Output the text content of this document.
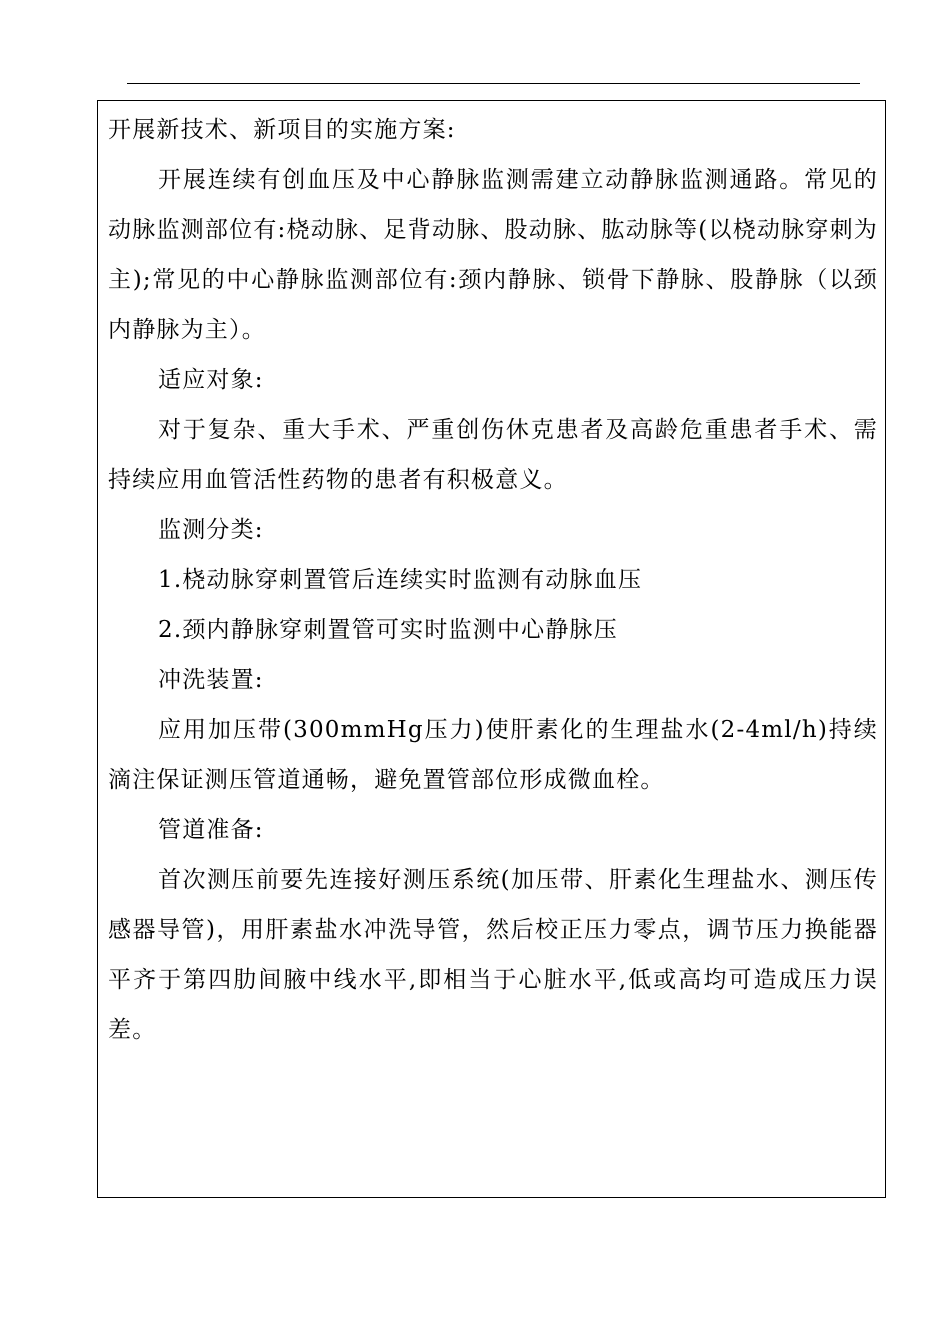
开展新技术、新项目的实施方案:

开展连续有创血压及中心静脉监测需建立动静脉监测通路。常见的动脉监测部位有:桡动脉、足背动脉、股动脉、肱动脉等(以桡动脉穿刺为主);常见的中心静脉监测部位有:颈内静脉、锁骨下静脉、股静脉（以颈内静脉为主）。

适应对象:

对于复杂、重大手术、严重创伤休克患者及高龄危重患者手术、需持续应用血管活性药物的患者有积极意义。

监测分类:

1.桡动脉穿刺置管后连续实时监测有动脉血压

2.颈内静脉穿刺置管可实时监测中心静脉压

冲洗装置:

应用加压带(300mmHg压力)使肝素化的生理盐水(2-4ml/h)持续滴注保证测压管道通畅，避免置管部位形成微血栓。

管道准备:

首次测压前要先连接好测压系统(加压带、肝素化生理盐水、测压传感器导管)，用肝素盐水冲洗导管，然后校正压力零点，调节压力换能器平齐于第四肋间腋中线水平,即相当于心脏水平,低或高均可造成压力误差。
